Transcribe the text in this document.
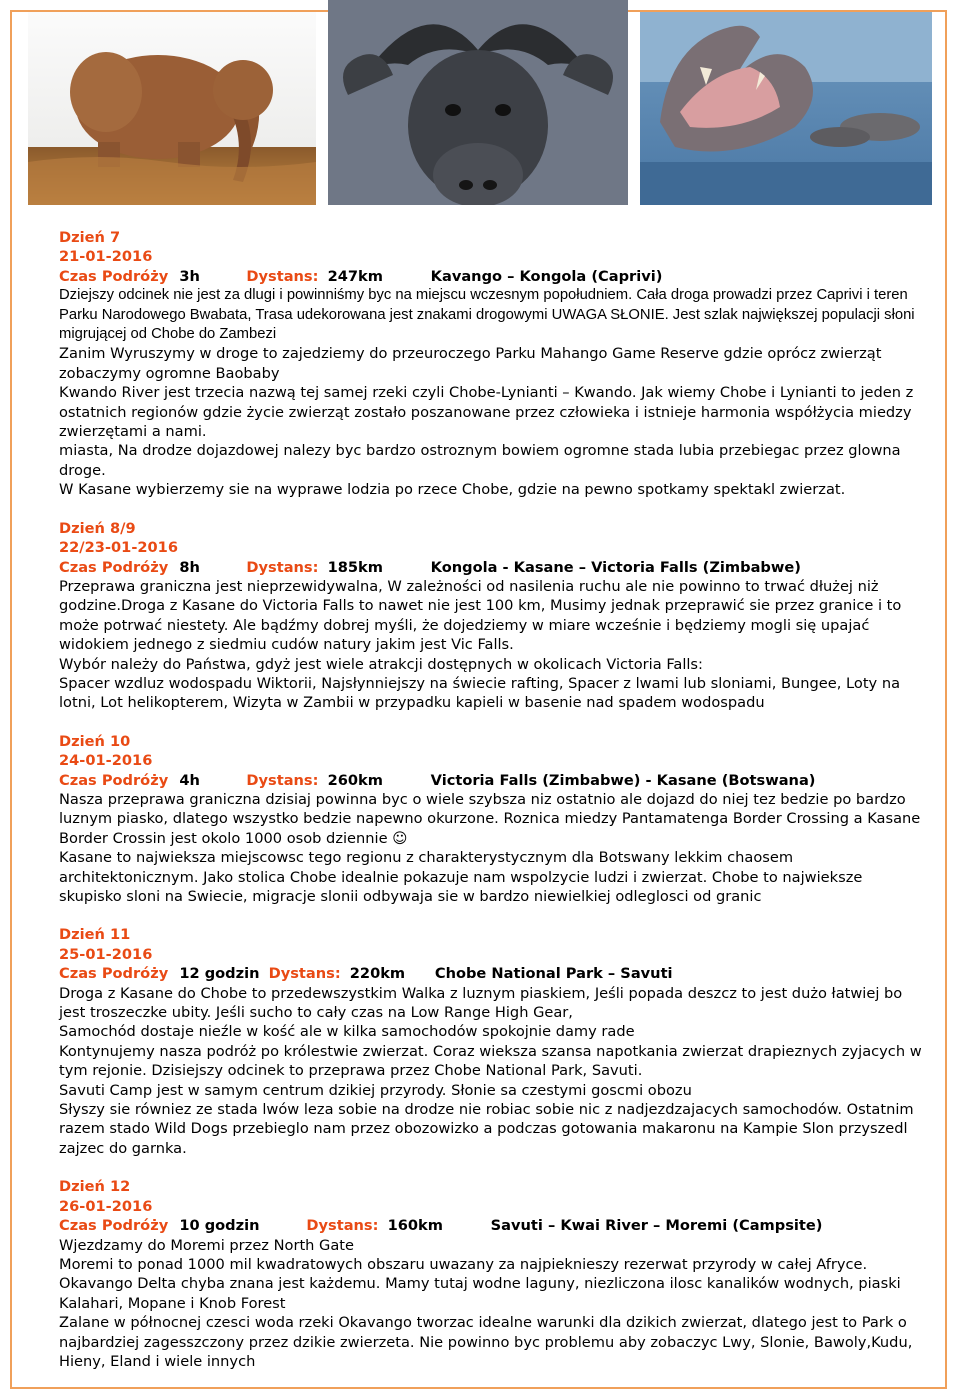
Dzień 7
21-01-2016
Czas Podróży 3h	Dystans: 247km	Kavango – Kongola (Caprivi)

Dziejszy odcinek nie jest za dlugi i powinniśmy byc na miejscu wczesnym popołudniem. Cała droga prowadzi przez Caprivi i teren Parku Narodowego Bwabata, Trasa udekorowana jest znakami drogowymi UWAGA SŁONIE. Jest szlak największej populacji słoni migrującej od Chobe do Zambezi

Zanim Wyruszymy w droge to zajedziemy do przeuroczego Parku Mahango Game Reserve gdzie oprócz zwierząt zobaczymy ogromne Baobaby

Kwando River jest trzecia nazwą tej samej rzeki czyli Chobe-Lynianti – Kwando. Jak wiemy Chobe i Lynianti to jeden z ostatnich regionów gdzie życie zwierząt zostało poszanowane przez człowieka i istnieje harmonia współżycia miedzy zwierzętami a nami.

miasta, Na drodze dojazdowej nalezy byc bardzo ostroznym bowiem ogromne stada lubia przebiegac przez glowna droge.

W Kasane wybierzemy sie na wyprawe lodzia po rzece Chobe, gdzie na pewno spotkamy spektakl zwierzat.

Dzień 8/9
22/23-01-2016
Czas Podróży 8h	Dystans: 185km	Kongola - Kasane – Victoria Falls (Zimbabwe)

Przeprawa graniczna jest nieprzewidywalna, W zależności od nasilenia ruchu ale nie powinno to trwać dłużej niż godzine.Droga z Kasane do Victoria Falls to nawet nie jest 100 km, Musimy jednak przeprawić sie przez granice i to może potrwać niestety. Ale bądźmy dobrej myśli, że dojedziemy w miare wcześnie i będziemy mogli się upajać widokiem jednego z siedmiu cudów natury jakim jest Vic Falls.

Wybór należy do Państwa, gdyż jest wiele atrakcji dostępnych w okolicach Victoria Falls:

Spacer wzdluz wodospadu Wiktorii, Najsłynniejszy na świecie rafting, Spacer z lwami lub sloniami, Bungee, Loty na lotni, Lot helikopterem, Wizyta w Zambii w przypadku kapieli w basenie nad spadem wodospadu

Dzień 10
24-01-2016
Czas Podróży 4h	Dystans: 260km	Victoria Falls (Zimbabwe) - Kasane (Botswana)

Nasza przeprawa graniczna dzisiaj powinna byc o wiele szybsza niz ostatnio ale dojazd do niej tez bedzie po bardzo luznym piasko, dlatego wszystko bedzie napewno okurzone. Roznica miedzy Pantamatenga Border Crossing a Kasane Border Crossin jest okolo 1000 osob dziennie ☺

Kasane to najwieksza miejscowsc tego regionu z charakterystycznym dla Botswany lekkim chaosem architektonicznym. Jako stolica Chobe idealnie pokazuje nam wspolzycie ludzi i zwierzat. Chobe to najwieksze skupisko sloni na Swiecie, migracje slonii odbywaja sie w bardzo niewielkiej odleglosci od granic

Dzień 11
25-01-2016
Czas Podróży 12 godzin Dystans: 220km Chobe National Park – Savuti

Droga z Kasane do Chobe to przedewszystkim Walka z luznym piaskiem, Jeśli popada deszcz to jest dużo łatwiej bo jest troszeczke ubity. Jeśli sucho to cały czas na Low Range High Gear,

Samochód dostaje nieźle w kość ale w kilka samochodów spokojnie damy rade

Kontynujemy nasza podróż po królestwie zwierzat. Coraz wieksza szansa napotkania zwierzat drapieznych zyjacych w tym rejonie. Dzisiejszy odcinek to przeprawa przez Chobe National Park, Savuti.

Savuti Camp jest w samym centrum dzikiej przyrody. Słonie sa czestymi goscmi obozu

Słyszy sie równiez ze stada lwów leza sobie na drodze nie robiac sobie nic z nadjezdzajacych samochodów. Ostatnim razem stado Wild Dogs przebieglo nam przez obozowizko a podczas gotowania makaronu na Kampie Slon przyszedl zajzec do garnka.

Dzień 12
26-01-2016
Czas Podróży 10 godzin	Dystans: 160km	Savuti – Kwai River – Moremi (Campsite)

Wjezdzamy do Moremi przez North Gate

Moremi to ponad 1000 mil kwadratowych obszaru uwazany za najpieknieszy rezerwat przyrody w całej Afryce. Okavango Delta chyba znana jest każdemu. Mamy tutaj wodne laguny, niezliczona ilosc kanalików wodnych, piaski Kalahari, Mopane i Knob Forest

Zalane w północnej czesci woda rzeki Okavango tworzac idealne warunki dla dzikich zwierzat, dlatego jest to Park o najbardziej zagesszczony przez dzikie zwierzeta. Nie powinno byc problemu aby zobaczyc Lwy, Slonie, Bawoly,Kudu, Hieny, Eland i wiele innych
